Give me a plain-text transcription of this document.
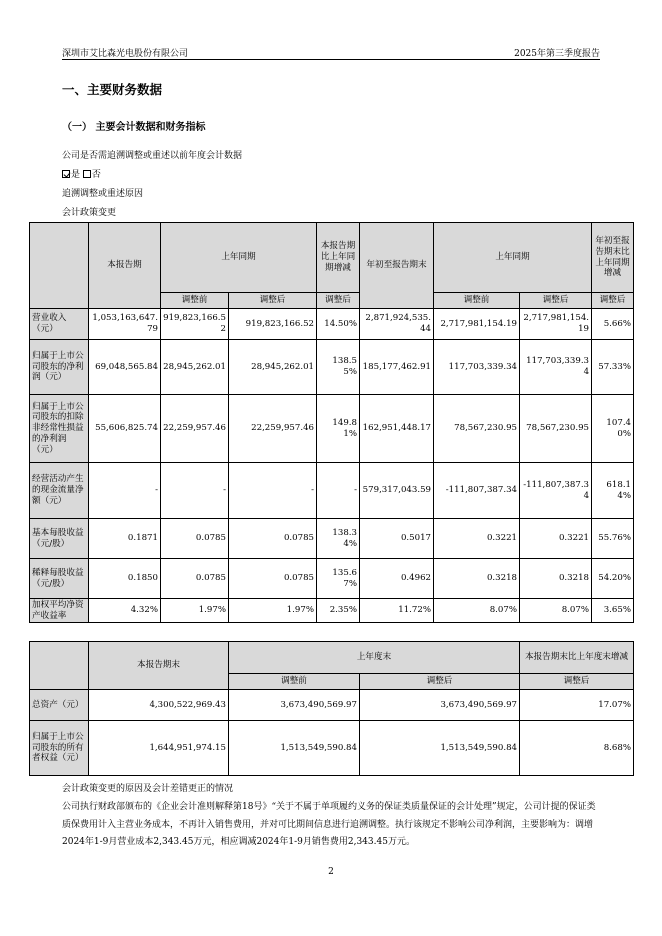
深圳市艾比森光电股份有限公司	2025年第三季度报告
一、主要财务数据
（一） 主要会计数据和财务指标
公司是否需追溯调整或重述以前年度会计数据
是 否
追溯调整或重述原因
会计政策变更
	本报告期	上年同期		本报告期比上年同期增减	年初至报告期末	上年同期		年初至报告期末比上年同期增减
		调整前	调整后	调整后		调整前	调整后	调整后
营业收入（元）	1,053,163,647.79	919,823,166.52	919,823,166.52	14.50%	2,871,924,535.44	2,717,981,154.19	2,717,981,154.19	5.66%
归属于上市公司股东的净利润（元）	69,048,565.84	28,945,262.01	28,945,262.01	138.55%	185,177,462.91	117,703,339.34	117,703,339.34	57.33%
归属于上市公司股东的扣除非经常性损益的净利润（元）	55,606,825.74	22,259,957.46	22,259,957.46	149.81%	162,951,448.17	78,567,230.95	78,567,230.95	107.40%
经营活动产生的现金流量净额（元）	-	-	-	-	579,317,043.59	-111,807,387.34	-111,807,387.34	618.14%
基本每股收益（元/股）	0.1871	0.0785	0.0785	138.34%	0.5017	0.3221	0.3221	55.76%
稀释每股收益（元/股）	0.1850	0.0785	0.0785	135.67%	0.4962	0.3218	0.3218	54.20%
加权平均净资产收益率	4.32%	1.97%	1.97%	2.35%	11.72%	8.07%	8.07%	3.65%
	本报告期末	上年度末		本报告期末比上年度末增减
		调整前	调整后	调整后
总资产（元）	4,300,522,969.43	3,673,490,569.97	3,673,490,569.97	17.07%
归属于上市公司股东的所有者权益（元）	1,644,951,974.15	1,513,549,590.84	1,513,549,590.84	8.68%
会计政策变更的原因及会计差错更正的情况
公司执行财政部颁布的《企业会计准则解释第18号》“关于不属于单项履约义务的保证类质量保证的会计处理”规定，公司计提的保证类质保费用计入主营业务成本，不再计入销售费用，并对可比期间信息进行追溯调整。执行该规定不影响公司净利润，主要影响为：调增2024年1-9月营业成本2,343.45万元，相应调减2024年1-9月销售费用2,343.45万元。
2
